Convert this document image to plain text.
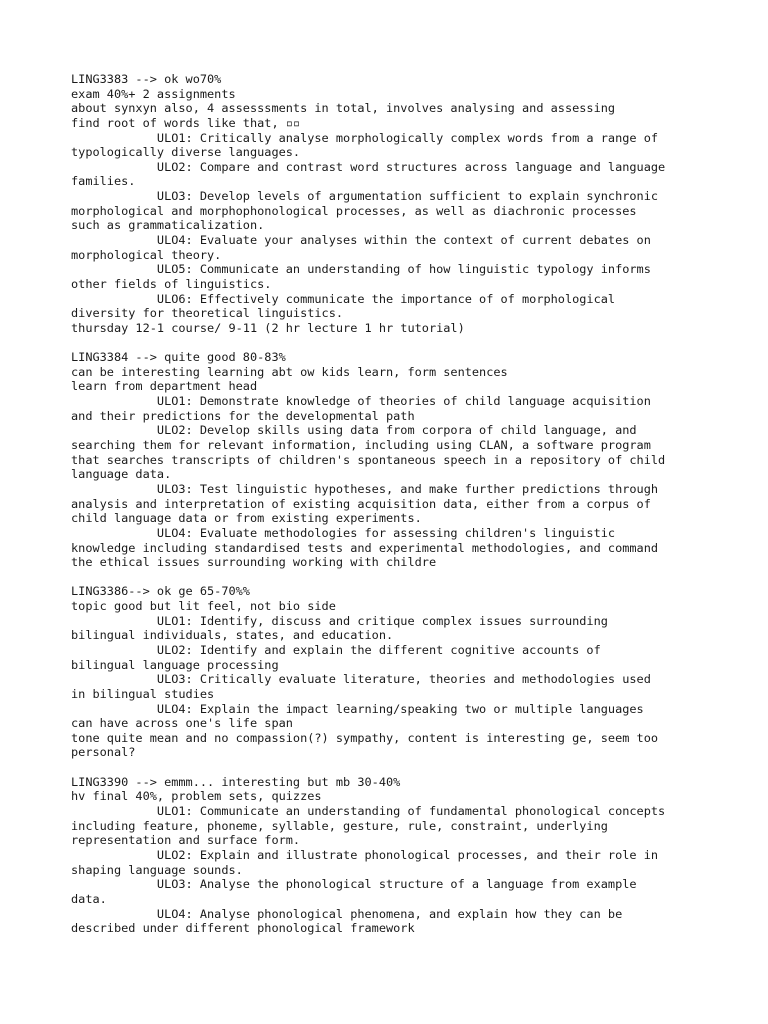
LING3383 --> ok wo70%
exam 40%+ 2 assignments
about synxyn also, 4 assesssments in total, involves analysing and assessing
find root of words like that, ▫▫
ULO1: Critically analyse morphologically complex words from a range of
typologically diverse languages.
ULO2: Compare and contrast word structures across language and language
families.
ULO3: Develop levels of argumentation sufficient to explain synchronic
morphological and morphophonological processes, as well as diachronic processes
such as grammaticalization.
ULO4: Evaluate your analyses within the context of current debates on
morphological theory.
ULO5: Communicate an understanding of how linguistic typology informs
other fields of linguistics.
ULO6: Effectively communicate the importance of of morphological
diversity for theoretical linguistics.
thursday 12-1 course/ 9-11 (2 hr lecture 1 hr tutorial)
LING3384 --> quite good 80-83%
can be interesting learning abt ow kids learn, form sentences
learn from department head
ULO1: Demonstrate knowledge of theories of child language acquisition
and their predictions for the developmental path
ULO2: Develop skills using data from corpora of child language, and
searching them for relevant information, including using CLAN, a software program
that searches transcripts of children's spontaneous speech in a repository of child
language data.
ULO3: Test linguistic hypotheses, and make further predictions through
analysis and interpretation of existing acquisition data, either from a corpus of
child language data or from existing experiments.
ULO4: Evaluate methodologies for assessing children's linguistic
knowledge including standardised tests and experimental methodologies, and command
the ethical issues surrounding working with childre
LING3386--> ok ge 65-70%%
topic good but lit feel, not bio side
ULO1: Identify, discuss and critique complex issues surrounding
bilingual individuals, states, and education.
ULO2: Identify and explain the different cognitive accounts of
bilingual language processing
ULO3: Critically evaluate literature, theories and methodologies used
in bilingual studies
ULO4: Explain the impact learning/speaking two or multiple languages
can have across one's life span
tone quite mean and no compassion(?) sympathy, content is interesting ge, seem too
personal?
LING3390 --> emmm... interesting but mb 30-40%
hv final 40%, problem sets, quizzes
ULO1: Communicate an understanding of fundamental phonological concepts
including feature, phoneme, syllable, gesture, rule, constraint, underlying
representation and surface form.
ULO2: Explain and illustrate phonological processes, and their role in
shaping language sounds.
ULO3: Analyse the phonological structure of a language from example
data.
ULO4: Analyse phonological phenomena, and explain how they can be
described under different phonological framework
